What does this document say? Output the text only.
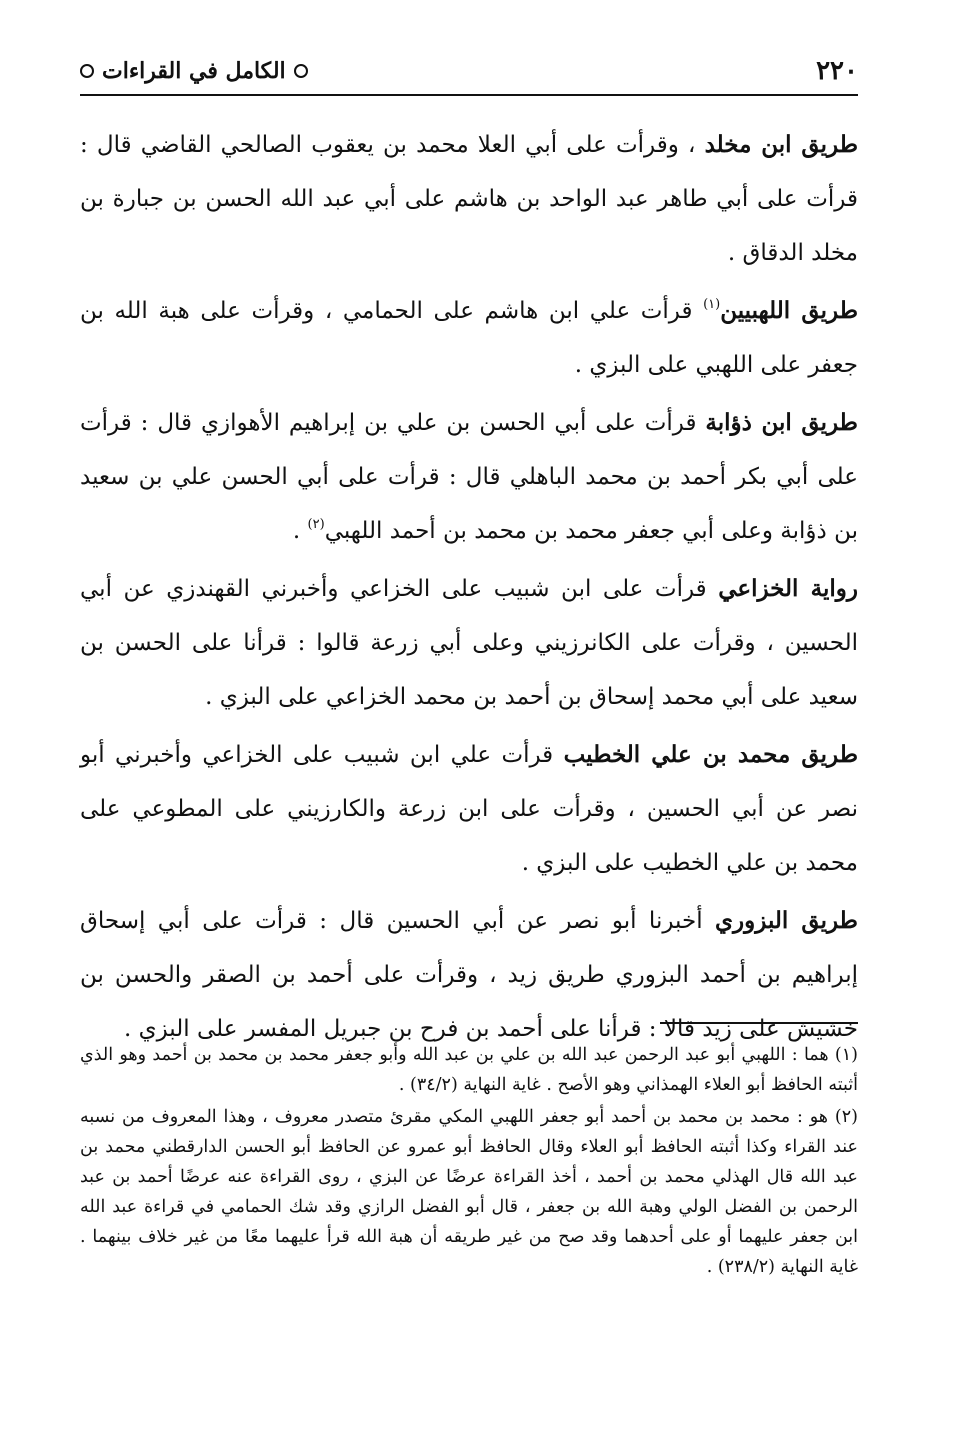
٢٢٠
الكامل في القراءات

طريق ابن مخلد ، وقرأت على أبي العلا محمد بن يعقوب الصالحي القاضي قال : قرأت على أبي طاهر عبد الواحد بن هاشم على أبي عبد الله الحسن بن جبارة بن مخلد الدقاق .

طريق اللهبيين$^{(١)}$ قرأت علي ابن هاشم على الحمامي ، وقرأت على هبة الله بن جعفر على اللهبي على البزي .

طريق ابن ذؤابة قرأت على أبي الحسن بن علي بن إبراهيم الأهوازي قال : قرأت على أبي بكر أحمد بن محمد الباهلي قال : قرأت على أبي الحسن علي بن سعيد بن ذؤابة وعلى أبي جعفر محمد بن محمد بن أحمد اللهبي$^{(٢)}$ .

رواية الخزاعي قرأت على ابن شبيب على الخزاعي وأخبرني القهندزي عن أبي الحسين ، وقرأت على الكانرزيني وعلى أبي زرعة قالوا : قرأنا على الحسن بن سعيد على أبي محمد إسحاق بن أحمد بن محمد الخزاعي على البزي .

طريق محمد بن علي الخطيب قرأت علي ابن شبيب على الخزاعي وأخبرني أبو نصر عن أبي الحسين ، وقرأت على ابن زرعة والكارزيني على المطوعي على محمد بن علي الخطيب على البزي .

طريق البزوري أخبرنا أبو نصر عن أبي الحسين قال : قرأت على أبي إسحاق إبراهيم بن أحمد البزوري طريق زيد ، وقرأت على أحمد بن الصقر والحسن بن خشيش على زيد قالا : قرأنا على أحمد بن فرح بن جبريل المفسر على البزي .

(١) هما : اللهبي أبو عبد الرحمن عبد الله بن علي بن عبد الله وأبو جعفر محمد بن محمد بن أحمد وهو الذي أثبته الحافظ أبو العلاء الهمذاني وهو الأصح . غاية النهاية (٣٤/٢) .

(٢) هو : محمد بن محمد بن أحمد أبو جعفر اللهبي المكي مقرئ متصدر معروف ، وهذا المعروف من نسبه عند القراء وكذا أثبته الحافظ أبو العلاء وقال الحافظ أبو عمرو عن الحافظ أبو الحسن الدارقطني محمد بن عبد الله قال الهذلي محمد بن أحمد ، أخذ القراءة عرضًا عن البزي ، روى القراءة عنه عرضًا أحمد بن عبد الرحمن بن الفضل الولي وهبة الله بن جعفر ، قال أبو الفضل الرازي وقد شك الحمامي في قراءة عبد الله ابن جعفر عليهما أو على أحدهما وقد صح من غير طريقه أن هبة الله قرأ عليهما معًا من غير خلاف بينهما . غاية النهاية (٢٣٨/٢) .
